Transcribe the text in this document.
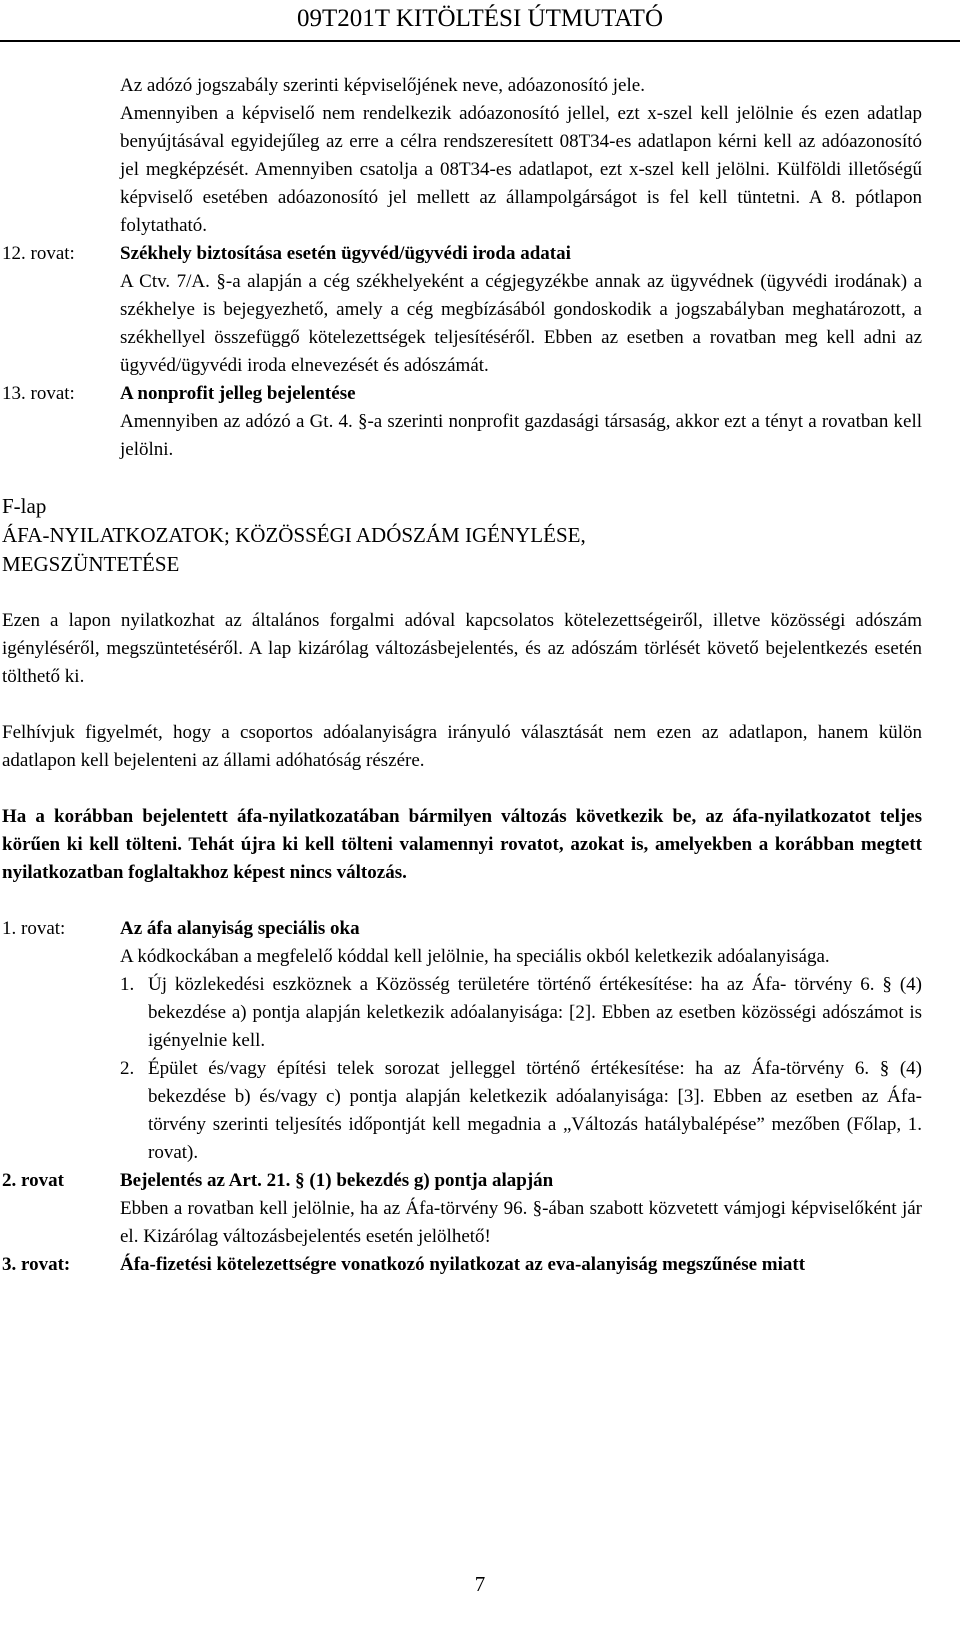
09T201T KITÖLTÉSI ÚTMUTATÓ

Az adózó jogszabály szerinti képviselőjének neve, adóazonosító jele.

Amennyiben a képviselő nem rendelkezik adóazonosító jellel, ezt x-szel kell jelölnie és ezen adatlap benyújtásával egyidejűleg az erre a célra rendszeresített 08T34-es adatlapon kérni kell az adóazonosító jel megképzését. Amennyiben csatolja a 08T34-es adatlapot, ezt x-szel kell jelölni. Külföldi illetőségű képviselő esetében adóazonosító jel mellett az állampolgárságot is fel kell tüntetni. A 8. pótlapon folytatható.

12. rovat: Székhely biztosítása esetén ügyvéd/ügyvédi iroda adatai

A Ctv. 7/A. §-a alapján a cég székhelyeként a cégjegyzékbe annak az ügyvédnek (ügyvédi irodának) a székhelye is bejegyezhető, amely a cég megbízásából gondoskodik a jogszabályban meghatározott, a székhellyel összefüggő kötelezettségek teljesítéséről. Ebben az esetben a rovatban meg kell adni az ügyvéd/ügyvédi iroda elnevezését és adószámát.

13. rovat: A nonprofit jelleg bejelentése

Amennyiben az adózó a Gt. 4. §-a szerinti nonprofit gazdasági társaság, akkor ezt a tényt a rovatban kell jelölni.

F-lap

ÁFA-NYILATKOZATOK; KÖZÖSSÉGI ADÓSZÁM IGÉNYLÉSE,

MEGSZÜNTETÉSE

Ezen a lapon nyilatkozhat az általános forgalmi adóval kapcsolatos kötelezettségeiről, illetve közösségi adószám igényléséről, megszüntetéséről. A lap kizárólag változásbejelentés, és az adószám törlését követő bejelentkezés esetén tölthető ki.

Felhívjuk figyelmét, hogy a csoportos adóalanyiságra irányuló választását nem ezen az adatlapon, hanem külön adatlapon kell bejelenteni az állami adóhatóság részére.

Ha a korábban bejelentett áfa-nyilatkozatában bármilyen változás következik be, az áfa-nyilatkozatot teljes körűen ki kell tölteni. Tehát újra ki kell tölteni valamennyi rovatot, azokat is, amelyekben a korábban megtett nyilatkozatban foglaltakhoz képest nincs változás.

1. rovat:	Az áfa alanyiság speciális oka

A kódkockában a megfelelő kóddal kell jelölnie, ha speciális okból keletkezik adóalanyisága.

1. Új közlekedési eszköznek a Közösség területére történő értékesítése: ha az Áfa- törvény 6. § (4) bekezdése a) pontja alapján keletkezik adóalanyisága: [2]. Ebben az esetben közösségi adószámot is igényelnie kell.
2. Épület és/vagy építési telek sorozat jelleggel történő értékesítése: ha az Áfa-törvény 6. § (4) bekezdése b) és/vagy c) pontja alapján keletkezik adóalanyisága: [3]. Ebben az esetben az Áfa-törvény szerinti teljesítés időpontját kell megadnia a „Változás hatálybalépése” mezőben (Főlap, 1. rovat).
2. rovat	Bejelentés az Art. 21. § (1) bekezdés g) pontja alapján

Ebben a rovatban kell jelölnie, ha az Áfa-törvény 96. §-ában szabott közvetett vámjogi képviselőként jár el. Kizárólag változásbejelentés esetén jelölhető!

3. rovat:	Áfa-fizetési kötelezettségre vonatkozó nyilatkozat az eva-alanyiság megszűnése miatt

7
